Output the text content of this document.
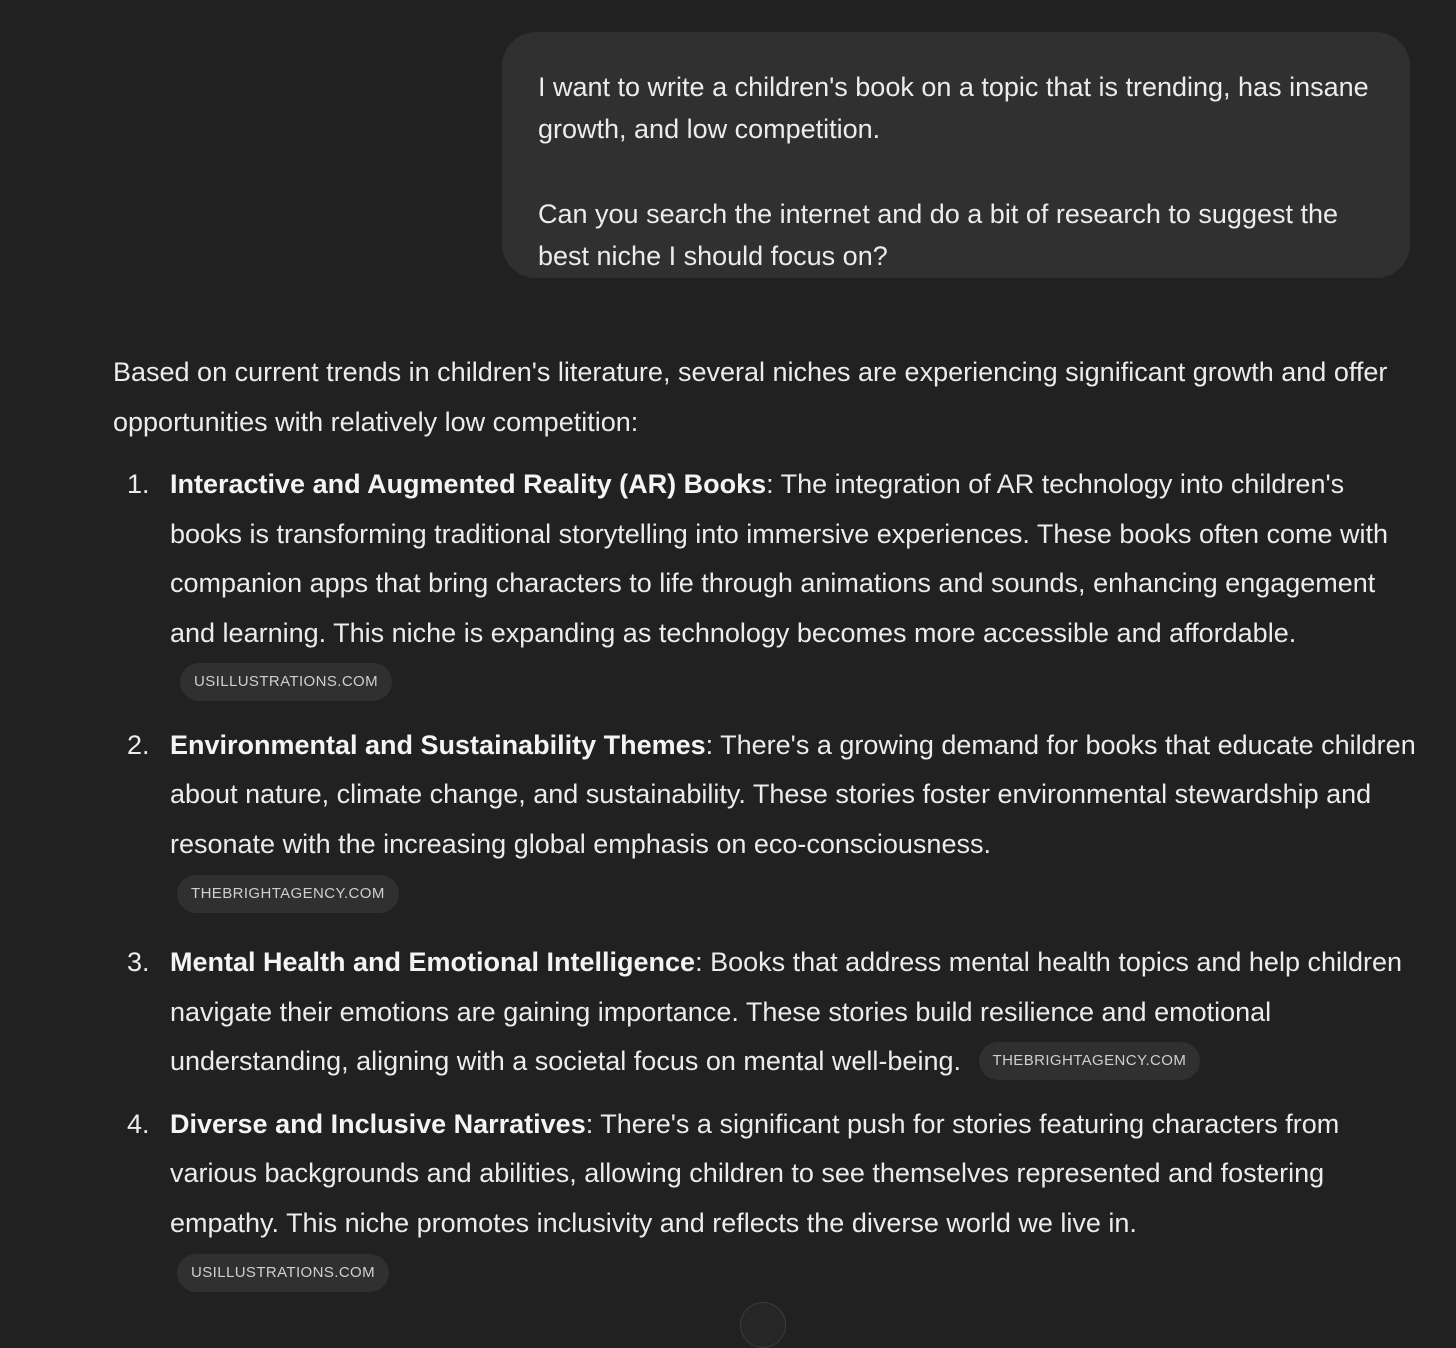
I want to write a children's book on a topic that is trending, has insane growth, and low competition.

Can you search the internet and do a bit of research to suggest the best niche I should focus on?

Based on current trends in children's literature, several niches are experiencing significant growth and offer opportunities with relatively low competition:

1. Interactive and Augmented Reality (AR) Books: The integration of AR technology into children's books is transforming traditional storytelling into immersive experiences. These books often come with companion apps that bring characters to life through animations and sounds, enhancing engagement and learning. This niche is expanding as technology becomes more accessible and affordable. USILLUSTRATIONS.COM
2. Environmental and Sustainability Themes: There's a growing demand for books that educate children about nature, climate change, and sustainability. These stories foster environmental stewardship and resonate with the increasing global emphasis on eco-consciousness.
THEBRIGHTAGENCY.COM
3. Mental Health and Emotional Intelligence: Books that address mental health topics and help children navigate their emotions are gaining importance. These stories build resilience and emotional understanding, aligning with a societal focus on mental well-being. THEBRIGHTAGENCY.COM
4. Diverse and Inclusive Narratives: There's a significant push for stories featuring characters from various backgrounds and abilities, allowing children to see themselves represented and fostering empathy. This niche promotes inclusivity and reflects the diverse world we live in.
USILLUSTRATIONS.COM
